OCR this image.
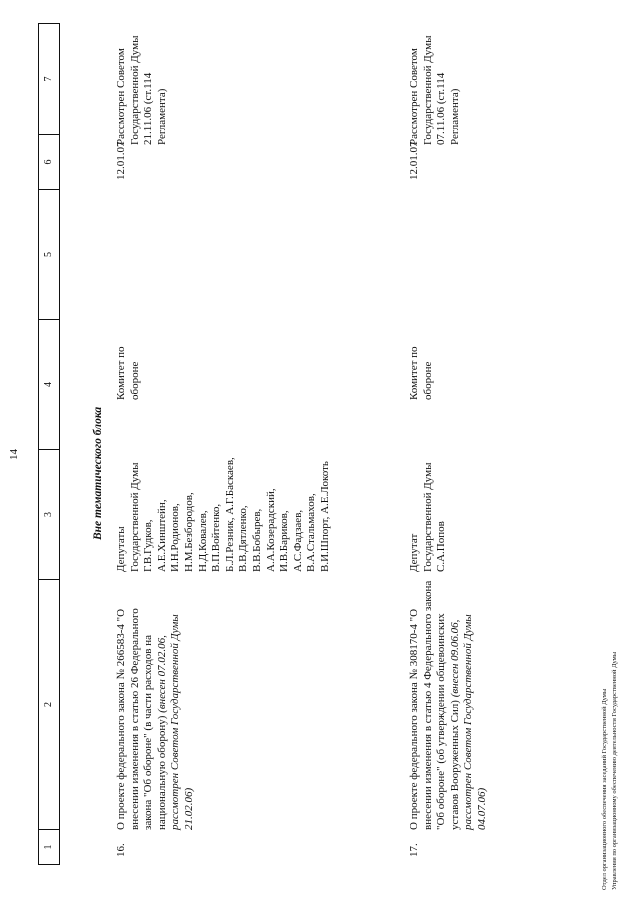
14
1
2
3
4
5
6
7
Вне тематического блока
16.
О проекте федерального закона № 266583-4 "О внесении изменения в статью 26 Федерального закона "Об обороне" (в части расходов на национальную оборону) (внесен 07.02.06, рассмотрен Советом Государственной Думы 21.02.06)
Депутаты Государственной Думы Г.В.Гудков, А.Е.Хинштейн, И.Н.Родионов, Н.М.Безбородов, Н.Д.Ковалев, В.П.Войтенко, Б.Л.Резник, А.Г.Баскаев, В.В.Дятленко, В.В.Бобырев, А.А.Козерадский, И.В.Бариков, А.С.Фадзаев, В.А.Стальмахов, В.И.Шпорт, А.Е.Локоть
Комитет по обороне
12.01.07
Рассмотрен Советом Государственной Думы 21.11.06 (ст.114 Регламента)
17.
О проекте федерального закона № 308170-4 "О внесении изменения в статью 4 Федерального закона "Об обороне" (об утверждении общевоинских уставов Вооруженных Сил) (внесен 09.06.06, рассмотрен Советом Государственной Думы 04.07.06)
Депутат Государственной Думы С.А.Попов
Комитет по обороне
12.01.07
Рассмотрен Советом Государственной Думы 07.11.06 (ст.114 Регламента)
Отдел организационного обеспечения заседаний Государственной Думы Управления по организационному обеспечению деятельности Государственной Думы
